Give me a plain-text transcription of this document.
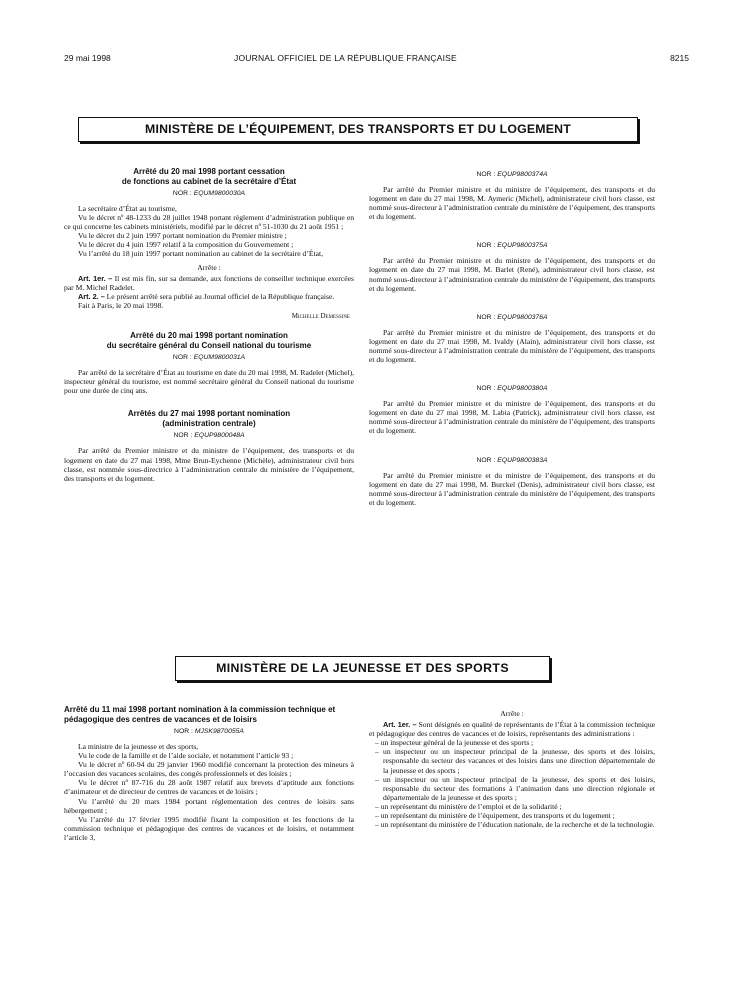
29 mai 1998	JOURNAL OFFICIEL DE LA RÉPUBLIQUE FRANÇAISE	8215
MINISTÈRE DE L’ÉQUIPEMENT, DES TRANSPORTS ET DU LOGEMENT
Arrêté du 20 mai 1998 portant cessation
de fonctions au cabinet de la secrétaire d’État
NOR : EQUM9800030A

La secrétaire d’État au tourisme,

Vu le décret nº 48-1233 du 28 juillet 1948 portant règlement d’administration publique en ce qui concerne les cabinets ministériels, modifié par le décret nº 51-1030 du 21 août 1951 ;

Vu le décret du 2 juin 1997 portant nomination du Premier ministre ;

Vu le décret du 4 juin 1997 relatif à la composition du Gouvernement ;

Vu l’arrêté du 18 juin 1997 portant nomination au cabinet de la secrétaire d’État,

Arrête :

Art. 1er. – Il est mis fin, sur sa demande, aux fonctions de conseiller technique exercées par M. Michel Radelet.

Art. 2. – Le présent arrêté sera publié au Journal officiel de la République française.

Fait à Paris, le 20 mai 1998.

Michelle Demessine

Arrêté du 20 mai 1998 portant nomination
du secrétaire général du Conseil national du tourisme
NOR : EQUM9800031A

Par arrêté de la secrétaire d’État au tourisme en date du 20 mai 1998, M. Radelet (Michel), inspecteur général du tourisme, est nommé secrétaire général du Conseil national du tourisme pour une durée de cinq ans.

Arrêtés du 27 mai 1998 portant nomination
(administration centrale)
NOR : EQUP9800048A

Par arrêté du Premier ministre et du ministre de l’équipement, des transports et du logement en date du 27 mai 1998, Mme Brun-Eychenne (Michèle), administrateur civil hors classe, est nommée sous-directrice à l’administration centrale du ministère de l’équipement, des transports et du logement.

NOR : EQUP9800374A

Par arrêté du Premier ministre et du ministre de l’équipement, des transports et du logement en date du 27 mai 1998, M. Aymeric (Michel), administrateur civil hors classe, est nommé sous-directeur à l’administration centrale du ministère de l’équipement, des transports et du logement.

NOR : EQUP9800375A

Par arrêté du Premier ministre et du ministre de l’équipement, des transports et du logement en date du 27 mai 1998, M. Barlet (René), administrateur civil hors classe, est nommé sous-directeur à l’administration centrale du ministère de l’équipement, des transports et du logement.

NOR : EQUP9800376A

Par arrêté du Premier ministre et du ministre de l’équipement, des transports et du logement en date du 27 mai 1998, M. Ivaldy (Alain), administrateur civil hors classe, est nommé sous-directeur à l’administration centrale du ministère de l’équipement, des transports et du logement.

NOR : EQUP9800380A

Par arrêté du Premier ministre et du ministre de l’équipement, des transports et du logement en date du 27 mai 1998, M. Labia (Patrick), administrateur civil hors classe, est nommé sous-directeur à l’administration centrale du ministère de l’équipement, des transports et du logement.

NOR : EQUP9800383A

Par arrêté du Premier ministre et du ministre de l’équipement, des transports et du logement en date du 27 mai 1998, M. Burckel (Denis), administrateur civil hors classe, est nommé sous-directeur à l’administration centrale du ministère de l’équipement, des transports et du logement.

MINISTÈRE DE LA JEUNESSE ET DES SPORTS
Arrêté du 11 mai 1998 portant nomination à la commission technique et pédagogique des centres de vacances et de loisirs
NOR : MJSK9870055A

La ministre de la jeunesse et des sports,

Vu le code de la famille et de l’aide sociale, et notamment l’article 93 ;

Vu le décret nº 60-94 du 29 janvier 1960 modifié concernant la protection des mineurs à l’occasion des vacances scolaires, des congés professionnels et des loisirs ;

Vu le décret nº 87-716 du 28 août 1987 relatif aux brevets d’aptitude aux fonctions d’animateur et de directeur de centres de vacances et de loisirs ;

Vu l’arrêté du 20 mars 1984 portant réglementation des centres de loisirs sans hébergement ;

Vu l’arrêté du 17 février 1995 modifié fixant la composition et les fonctions de la commission technique et pédagogique des centres de vacances et de loisirs, et notamment l’article 3,

Arrête :

Art. 1er. – Sont désignés en qualité de représentants de l’État à la commission technique et pédagogique des centres de vacances et de loisirs, représentants des administrations :

– un inspecteur général de la jeunesse et des sports ;
– un inspecteur ou un inspecteur principal de la jeunesse, des sports et des loisirs, responsable du secteur des vacances et des loisirs dans une direction départementale de la jeunesse et des sports ;
– un inspecteur ou un inspecteur principal de la jeunesse, des sports et des loisirs, responsable du secteur des formations à l’animation dans une direction régionale et départementale de la jeunesse et des sports ;
– un représentant du ministère de l’emploi et de la solidarité ;
– un représentant du ministère de l’équipement, des transports et du logement ;
– un représentant du ministère de l’éducation nationale, de la recherche et de la technologie.
